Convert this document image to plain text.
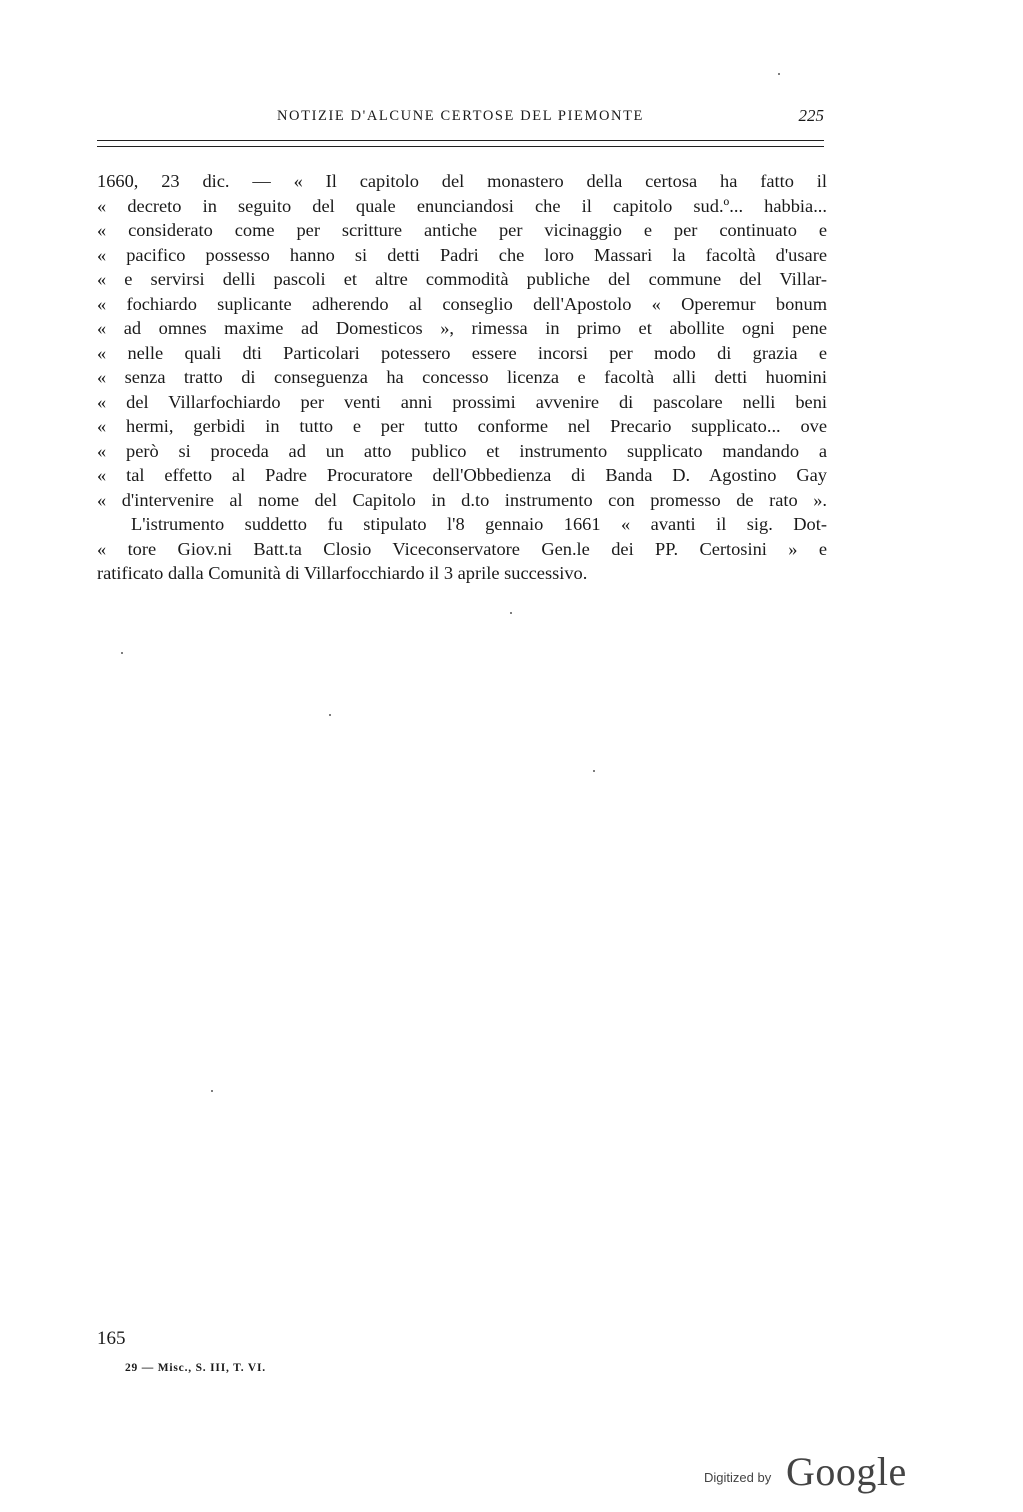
NOTIZIE D'ALCUNE CERTOSE DEL PIEMONTE	225
1660, 23 dic. — « Il capitolo del monastero della certosa ha fatto il
« decreto in seguito del quale enunciandosi che il capitolo sud.º... habbia...
« considerato come per scritture antiche per vicinaggio e per continuato e
« pacifico possesso hanno si detti Padri che loro Massari la facoltà d'usare
« e servirsi delli pascoli et altre commodità publiche del commune del Villar-
« fochiardo suplicante adherendo al conseglio dell'Apostolo « Operemur bonum
« ad omnes maxime ad Domesticos », rimessa in primo et abollite ogni pene
« nelle quali dti Particolari potessero essere incorsi per modo di grazia e
« senza tratto di conseguenza ha concesso licenza e facoltà alli detti huomini
« del Villarfochiardo per venti anni prossimi avvenire di pascolare nelli beni
« hermi, gerbidi in tutto e per tutto conforme nel Precario supplicato... ove
« però si proceda ad un atto publico et instrumento supplicato mandando a
« tal effetto al Padre Procuratore dell'Obbedienza di Banda D. Agostino Gay
« d'intervenire al nome del Capitolo in d.to instrumento con promesso de rato ».
L'istrumento suddetto fu stipulato l'8 gennaio 1661 « avanti il sig. Dot-
« tore Giov.ni Batt.ta Closio Viceconservatore Gen.le dei PP. Certosini » e
ratificato dalla Comunità di Villarfocchiardo il 3 aprile successivo.
165
29 — Misc., S. III, T. VI.
Digitized by Google
